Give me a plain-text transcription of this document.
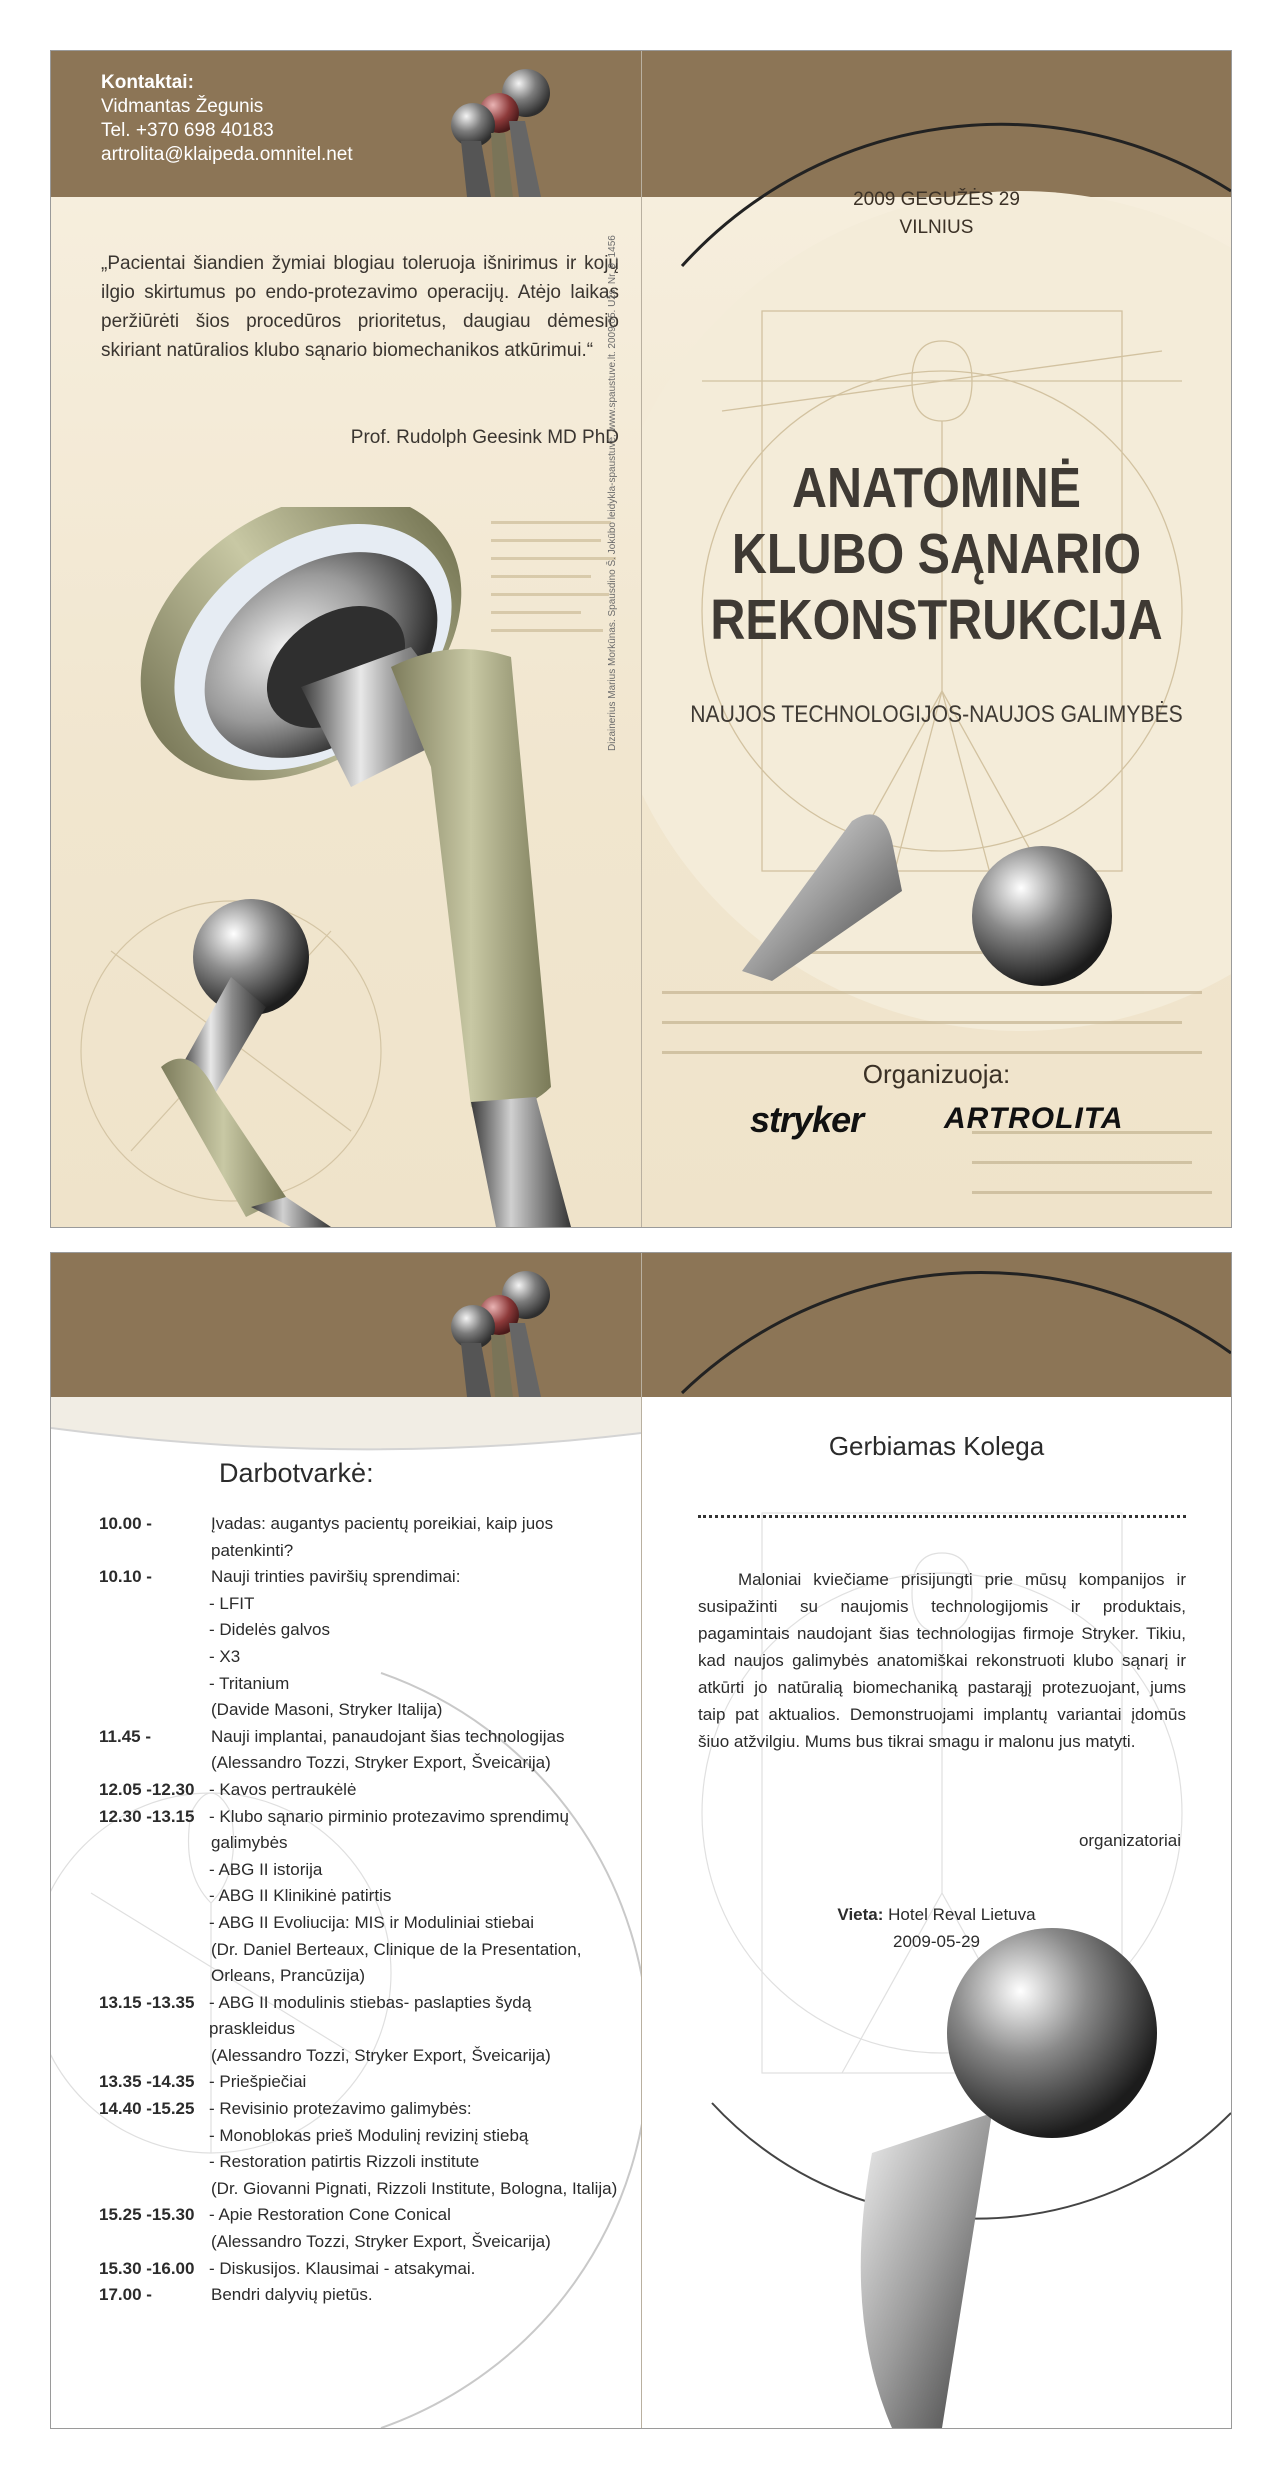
Kontaktai:
Vidmantas Žegunis
Tel. +370 698 40183
artrolita@klaipeda.omnitel.net
„Pacientai šiandien žymiai blogiau toleruoja išnirimus ir kojų ilgio skirtumus po endo-protezavimo operacijų. Atėjo laikas peržiūrėti šios procedūros prioritetus, daugiau dėmesio skiriant natūralios klubo sąnario biomechanikos atkūrimui.“
Prof. Rudolph Geesink MD PhD
2009 GEGUŽĖS 29
VILNIUS
ANATOMINĖ
KLUBO SĄNARIO
REKONSTRUKCIJA
NAUJOS TECHNOLOGIJOS-NAUJOS GALIMYBĖS
Organizuoja:
stryker	ARTROLITA
Darbotvarkė:
10.00 -	Įvadas: augantys pacientų poreikiai, kaip juos
patenkinti?
10.10 -	Nauji trinties paviršių sprendimai:
- LFIT
- Didelės galvos
- X3
- Tritanium
(Davide Masoni, Stryker Italija)
11.45 -	Nauji implantai, panaudojant šias technologijas
(Alessandro Tozzi, Stryker Export, Šveicarija)
12.05 -12.30 - Kavos pertraukėlė
12.30 -13.15 - Klubo sąnario pirminio protezavimo sprendimų
galimybės
- ABG II istorija
- ABG II Klinikinė patirtis
- ABG II Evoliucija: MIS ir Moduliniai stiebai
(Dr. Daniel Berteaux, Clinique de la Presentation,
Orleans, Prancūzija)
13.15 -13.35 - ABG II modulinis stiebas- paslapties šydą praskleidus
(Alessandro Tozzi, Stryker Export, Šveicarija)
13.35 -14.35 - Priešpiečiai
14.40 -15.25 - Revisinio protezavimo galimybės:
- Monoblokas prieš Modulinį revizinį stiebą
- Restoration patirtis Rizzoli institute
(Dr. Giovanni Pignati, Rizzoli Institute, Bologna, Italija)
15.25 -15.30 - Apie Restoration Cone Conical
(Alessandro Tozzi, Stryker Export, Šveicarija)
15.30 -16.00 - Diskusijos. Klausimai - atsakymai.
17.00 -	Bendri dalyvių pietūs.
Gerbiamas Kolega
Maloniai kviečiame prisijungti prie mūsų kompanijos ir susipažinti su naujomis technologijomis ir produktais, pagamintais naudojant šias technologijas firmoje Stryker. Tikiu, kad naujos galimybės anatomiškai rekonstruoti klubo sąnarį ir atkūrti jo natūralią biomechaniką pastarąjį protezuojant, jums taip pat aktualios. Demonstruojami implantų variantai įdomūs šiuo atžvilgiu. Mums bus tikrai smagu ir malonu jus matyti.
organizatoriai
Vieta: Hotel Reval Lietuva
2009-05-29
